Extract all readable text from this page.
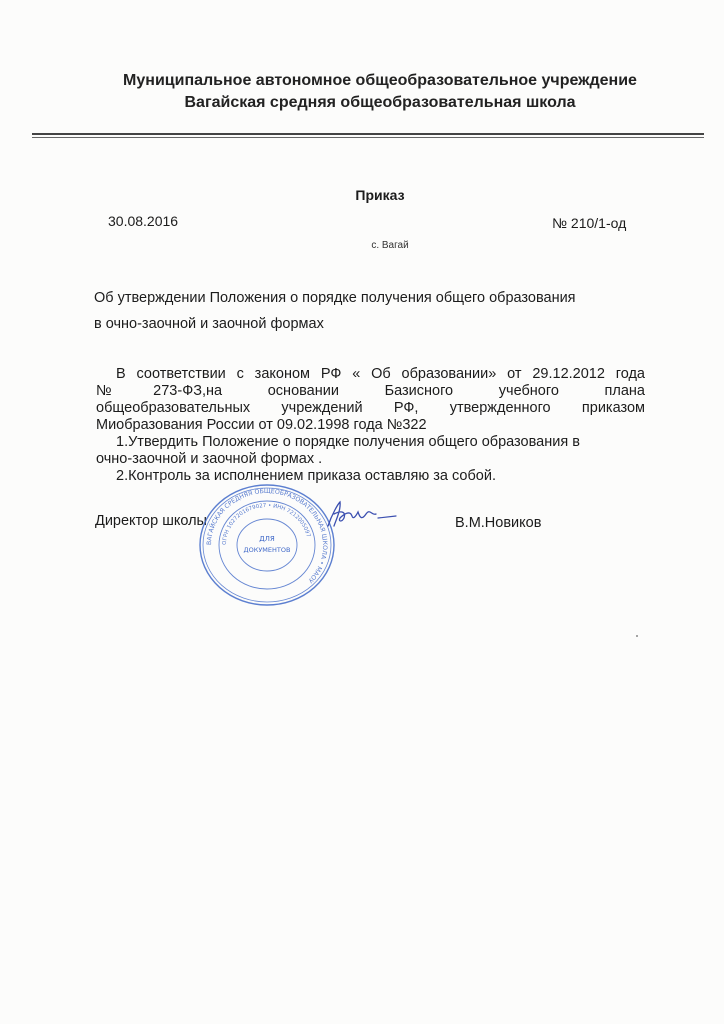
Муниципальное автономное общеобразовательное учреждение
Вагайская средняя общеобразовательная школа
Приказ
30.08.2016	№ 210/1-од
с. Вагай
Об утверждении Положения о порядке получения общего образования
в очно-заочной и заочной формах
В соответствии с законом РФ « Об образовании» от 29.12.2012 года
№273-ФЗ,на основании Базисного учебного плана
общеобразовательных учреждений РФ, утвержденного приказом
Миобразования России от 09.02.1998 года №322
1.Утвердить Положение о порядке получения общего образования в
очно-заочной и заочной формах .
2.Контроль за исполнением приказа оставляю за собой.
Директор школы	В.М.Новиков
ВАГАЙСКАЯ СРЕДНЯЯ ОБЩЕОБРАЗОВАТЕЛЬНАЯ ШКОЛА • МАОУ
ОГРН 1027201679027 • ИНН 7212005097
ДЛЯ
ДОКУМЕНТОВ
